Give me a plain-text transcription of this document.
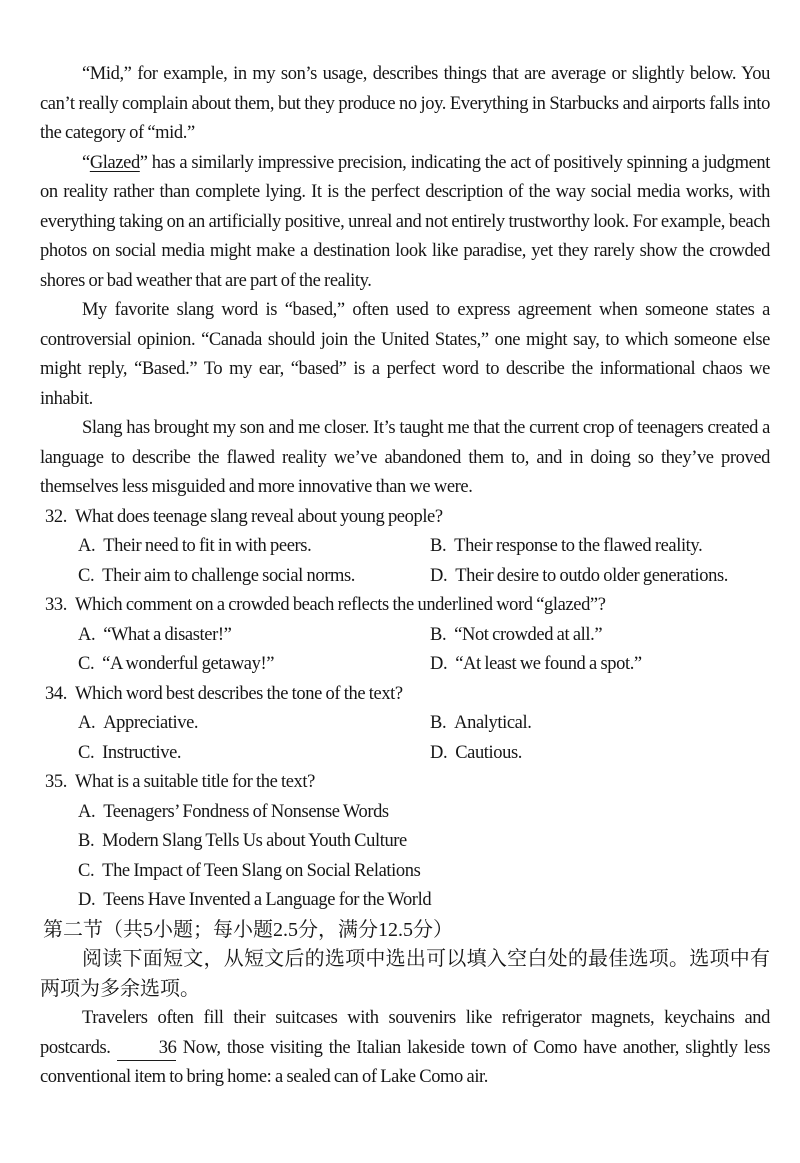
“Mid,” for example, in my son’s usage, describes things that are average or slightly below. You can’t really complain about them, but they produce no joy. Everything in Starbucks and airports falls into the category of “mid.”

“Glazed” has a similarly impressive precision, indicating the act of positively spinning a judgment on reality rather than complete lying. It is the perfect description of the way social media works, with everything taking on an artificially positive, unreal and not entirely trustworthy look. For example, beach photos on social media might make a destination look like paradise, yet they rarely show the crowded shores or bad weather that are part of the reality.

My favorite slang word is “based,” often used to express agreement when someone states a controversial opinion. “Canada should join the United States,” one might say, to which someone else might reply, “Based.” To my ear, “based” is a perfect word to describe the informational chaos we inhabit.

Slang has brought my son and me closer. It’s taught me that the current crop of teenagers created a language to describe the flawed reality we’ve abandoned them to, and in doing so they’ve proved themselves less misguided and more innovative than we were.

32. What does teenage slang reveal about young people?
A. Their need to fit in with peers.	B. Their response to the flawed reality.
C. Their aim to challenge social norms.	D. Their desire to outdo older generations.
33. Which comment on a crowded beach reflects the underlined word “glazed”?
A. “What a disaster!”	B. “Not crowded at all.”
C. “A wonderful getaway!”	D. “At least we found a spot.”
34. Which word best describes the tone of the text?
A. Appreciative.	B. Analytical.
C. Instructive.	D. Cautious.
35. What is a suitable title for the text?
A. Teenagers’ Fondness of Nonsense Words
B. Modern Slang Tells Us about Youth Culture
C. The Impact of Teen Slang on Social Relations
D. Teens Have Invented a Language for the World
第二节（共5小题；每小题2.5分，满分12.5分）

阅读下面短文，从短文后的选项中选出可以填入空白处的最佳选项。选项中有两项为多余选项。

Travelers often fill their suitcases with souvenirs like refrigerator magnets, keychains and postcards.	36 Now, those visiting the Italian lakeside town of Como have another, slightly less conventional item to bring home: a sealed can of Lake Como air.
